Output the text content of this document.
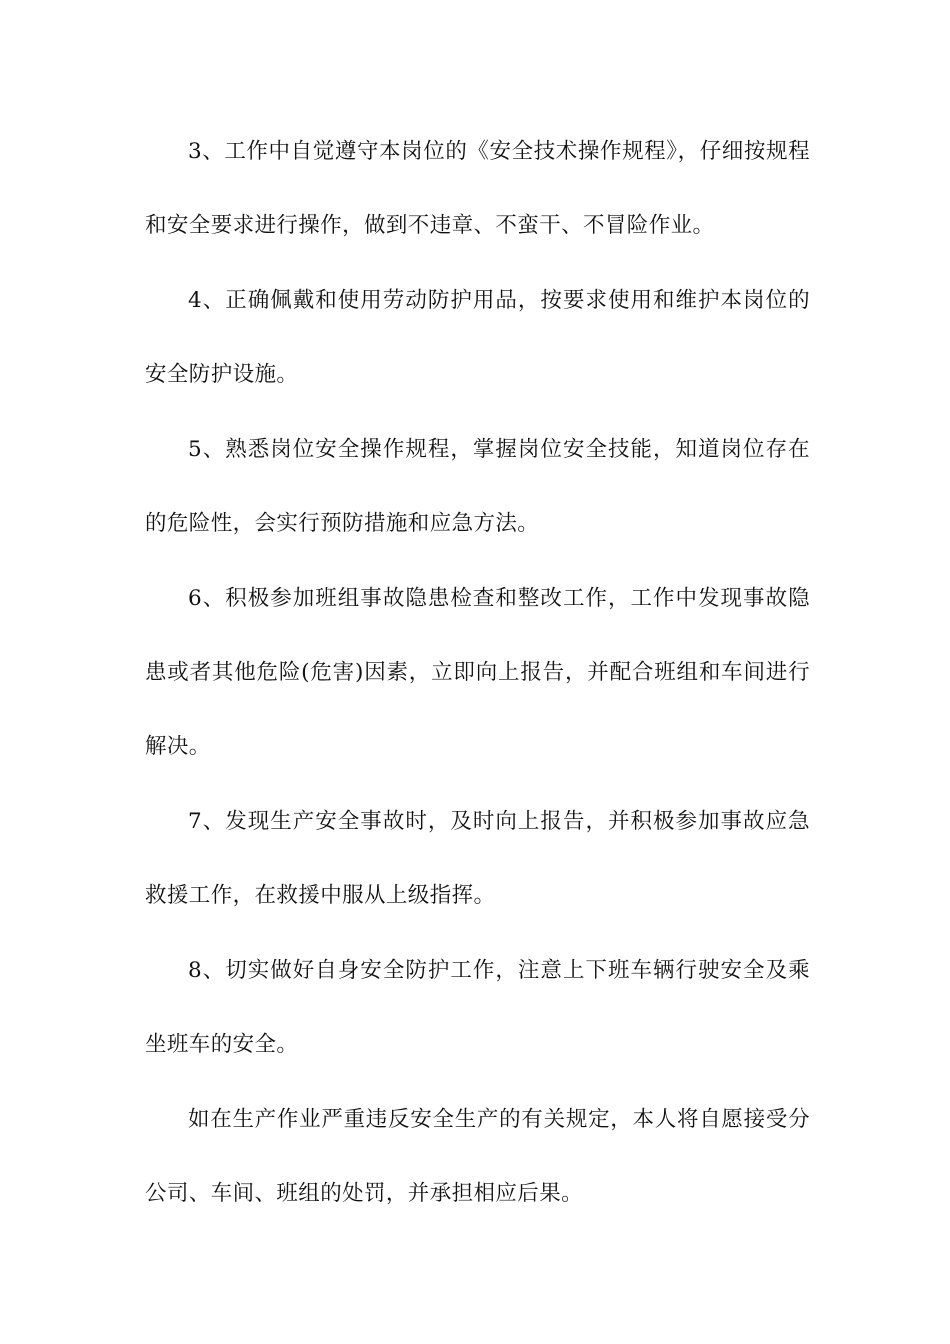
3、工作中自觉遵守本岗位的《安全技术操作规程》，仔细按规程和安全要求进行操作，做到不违章、不蛮干、不冒险作业。

4、正确佩戴和使用劳动防护用品，按要求使用和维护本岗位的安全防护设施。

5、熟悉岗位安全操作规程，掌握岗位安全技能，知道岗位存在的危险性，会实行预防措施和应急方法。

6、积极参加班组事故隐患检查和整改工作，工作中发现事故隐患或者其他危险(危害)因素，立即向上报告，并配合班组和车间进行解决。

7、发现生产安全事故时，及时向上报告，并积极参加事故应急救援工作，在救援中服从上级指挥。

8、切实做好自身安全防护工作，注意上下班车辆行驶安全及乘坐班车的安全。

如在生产作业严重违反安全生产的有关规定，本人将自愿接受分公司、车间、班组的处罚，并承担相应后果。
